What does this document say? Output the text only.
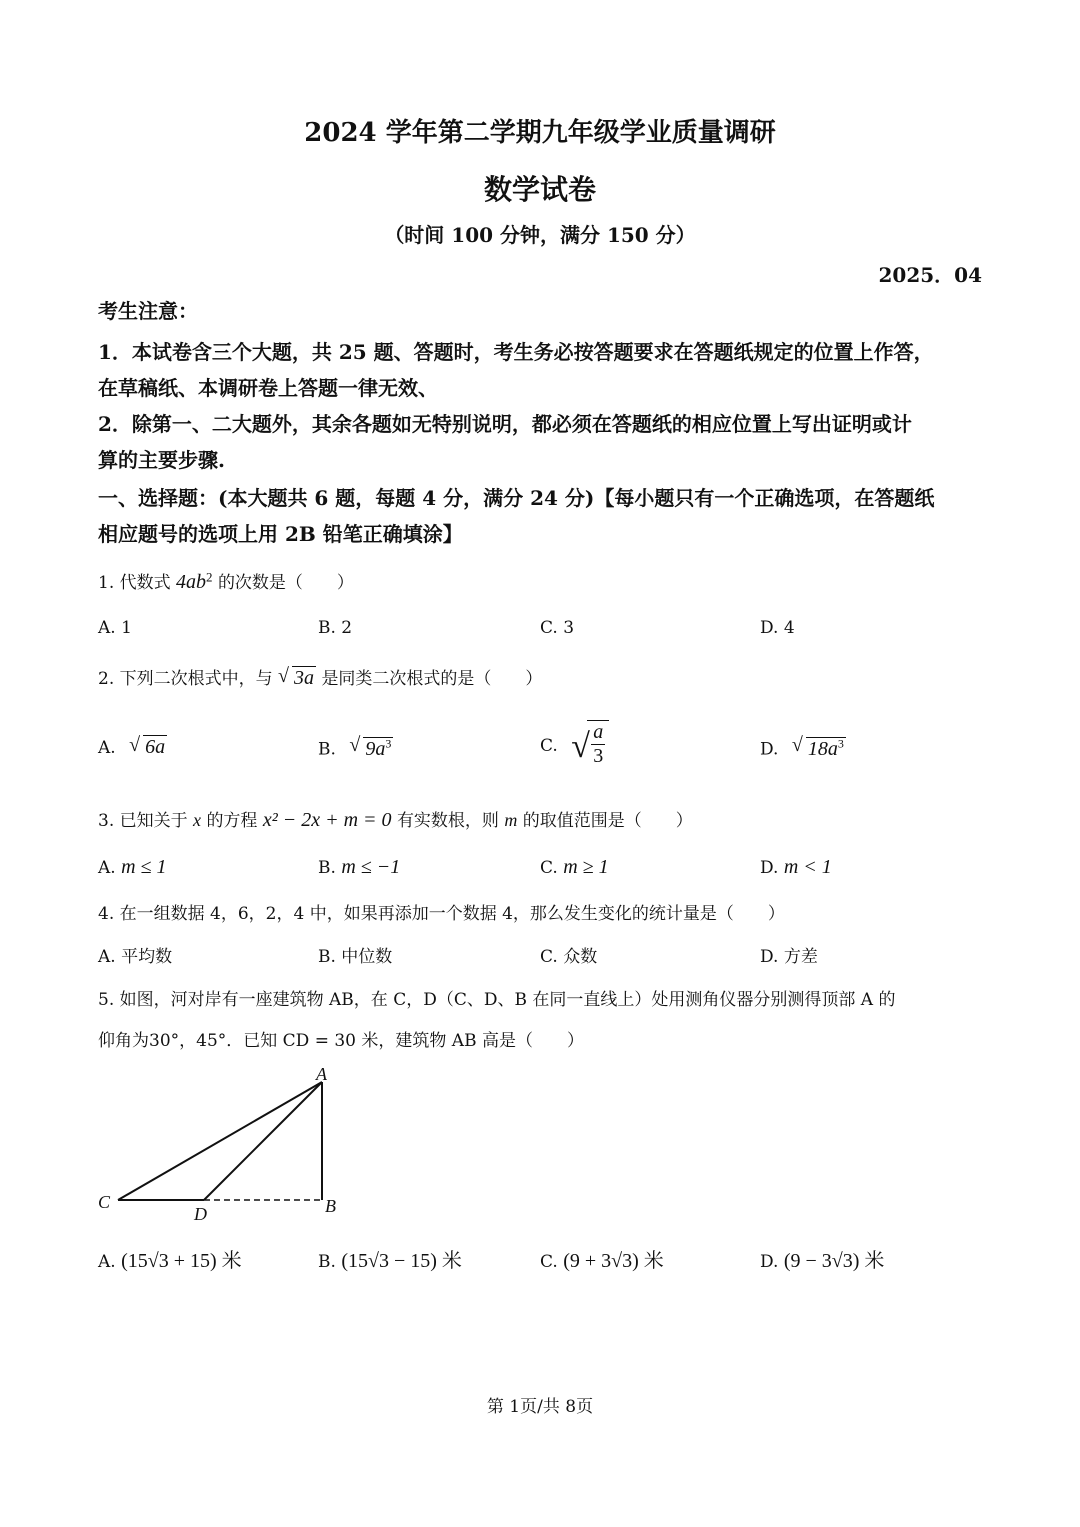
2024 学年第二学期九年级学业质量调研
数学试卷
（时间 100 分钟，满分 150 分）
2025．04
考生注意：
1．本试卷含三个大题，共 25 题、答题时，考生务必按答题要求在答题纸规定的位置上作答，
在草稿纸、本调研卷上答题一律无效、
2．除第一、二大题外，其余各题如无特别说明，都必须在答题纸的相应位置上写出证明或计
算的主要步骤.
一、选择题：(本大题共 6 题，每题 4 分，满分 24 分)【每小题只有一个正确选项，在答题纸
相应题号的选项上用 2B 铅笔正确填涂】
1. 代数式 $4ab^2$ 的次数是（　　）
A. 1	B. 2	C. 3	D. 4
2. 下列二次根式中，与 √ 3a 是同类二次根式的是（　　）
A. √ 6a	B. √ $9a^3$	C. √
$\frac{a}{3}$	D. √ $18a^3$
3. 已知关于 x 的方程 x² − 2x + m = 0 有实数根，则 m 的取值范围是（　　）
A. m ≤ 1	B. m ≤ −1	C. m ≥ 1	D. m < 1
4. 在一组数据 4，6，2，4 中，如果再添加一个数据 4，那么发生变化的统计量是（　　）
A. 平均数	B. 中位数	C. 众数	D. 方差
5. 如图，河对岸有一座建筑物 AB，在 C，D（C、D、B 在同一直线上）处用测角仪器分别测得顶部 A 的
仰角为30°，45°．已知 CD = 30 米，建筑物 AB 高是（　　）
A
B
C
D
A. (15√3 + 15) 米	B. (15√3 − 15) 米	C. (9 + 3√3) 米	D. (9 − 3√3) 米
第 1页/共 8页
